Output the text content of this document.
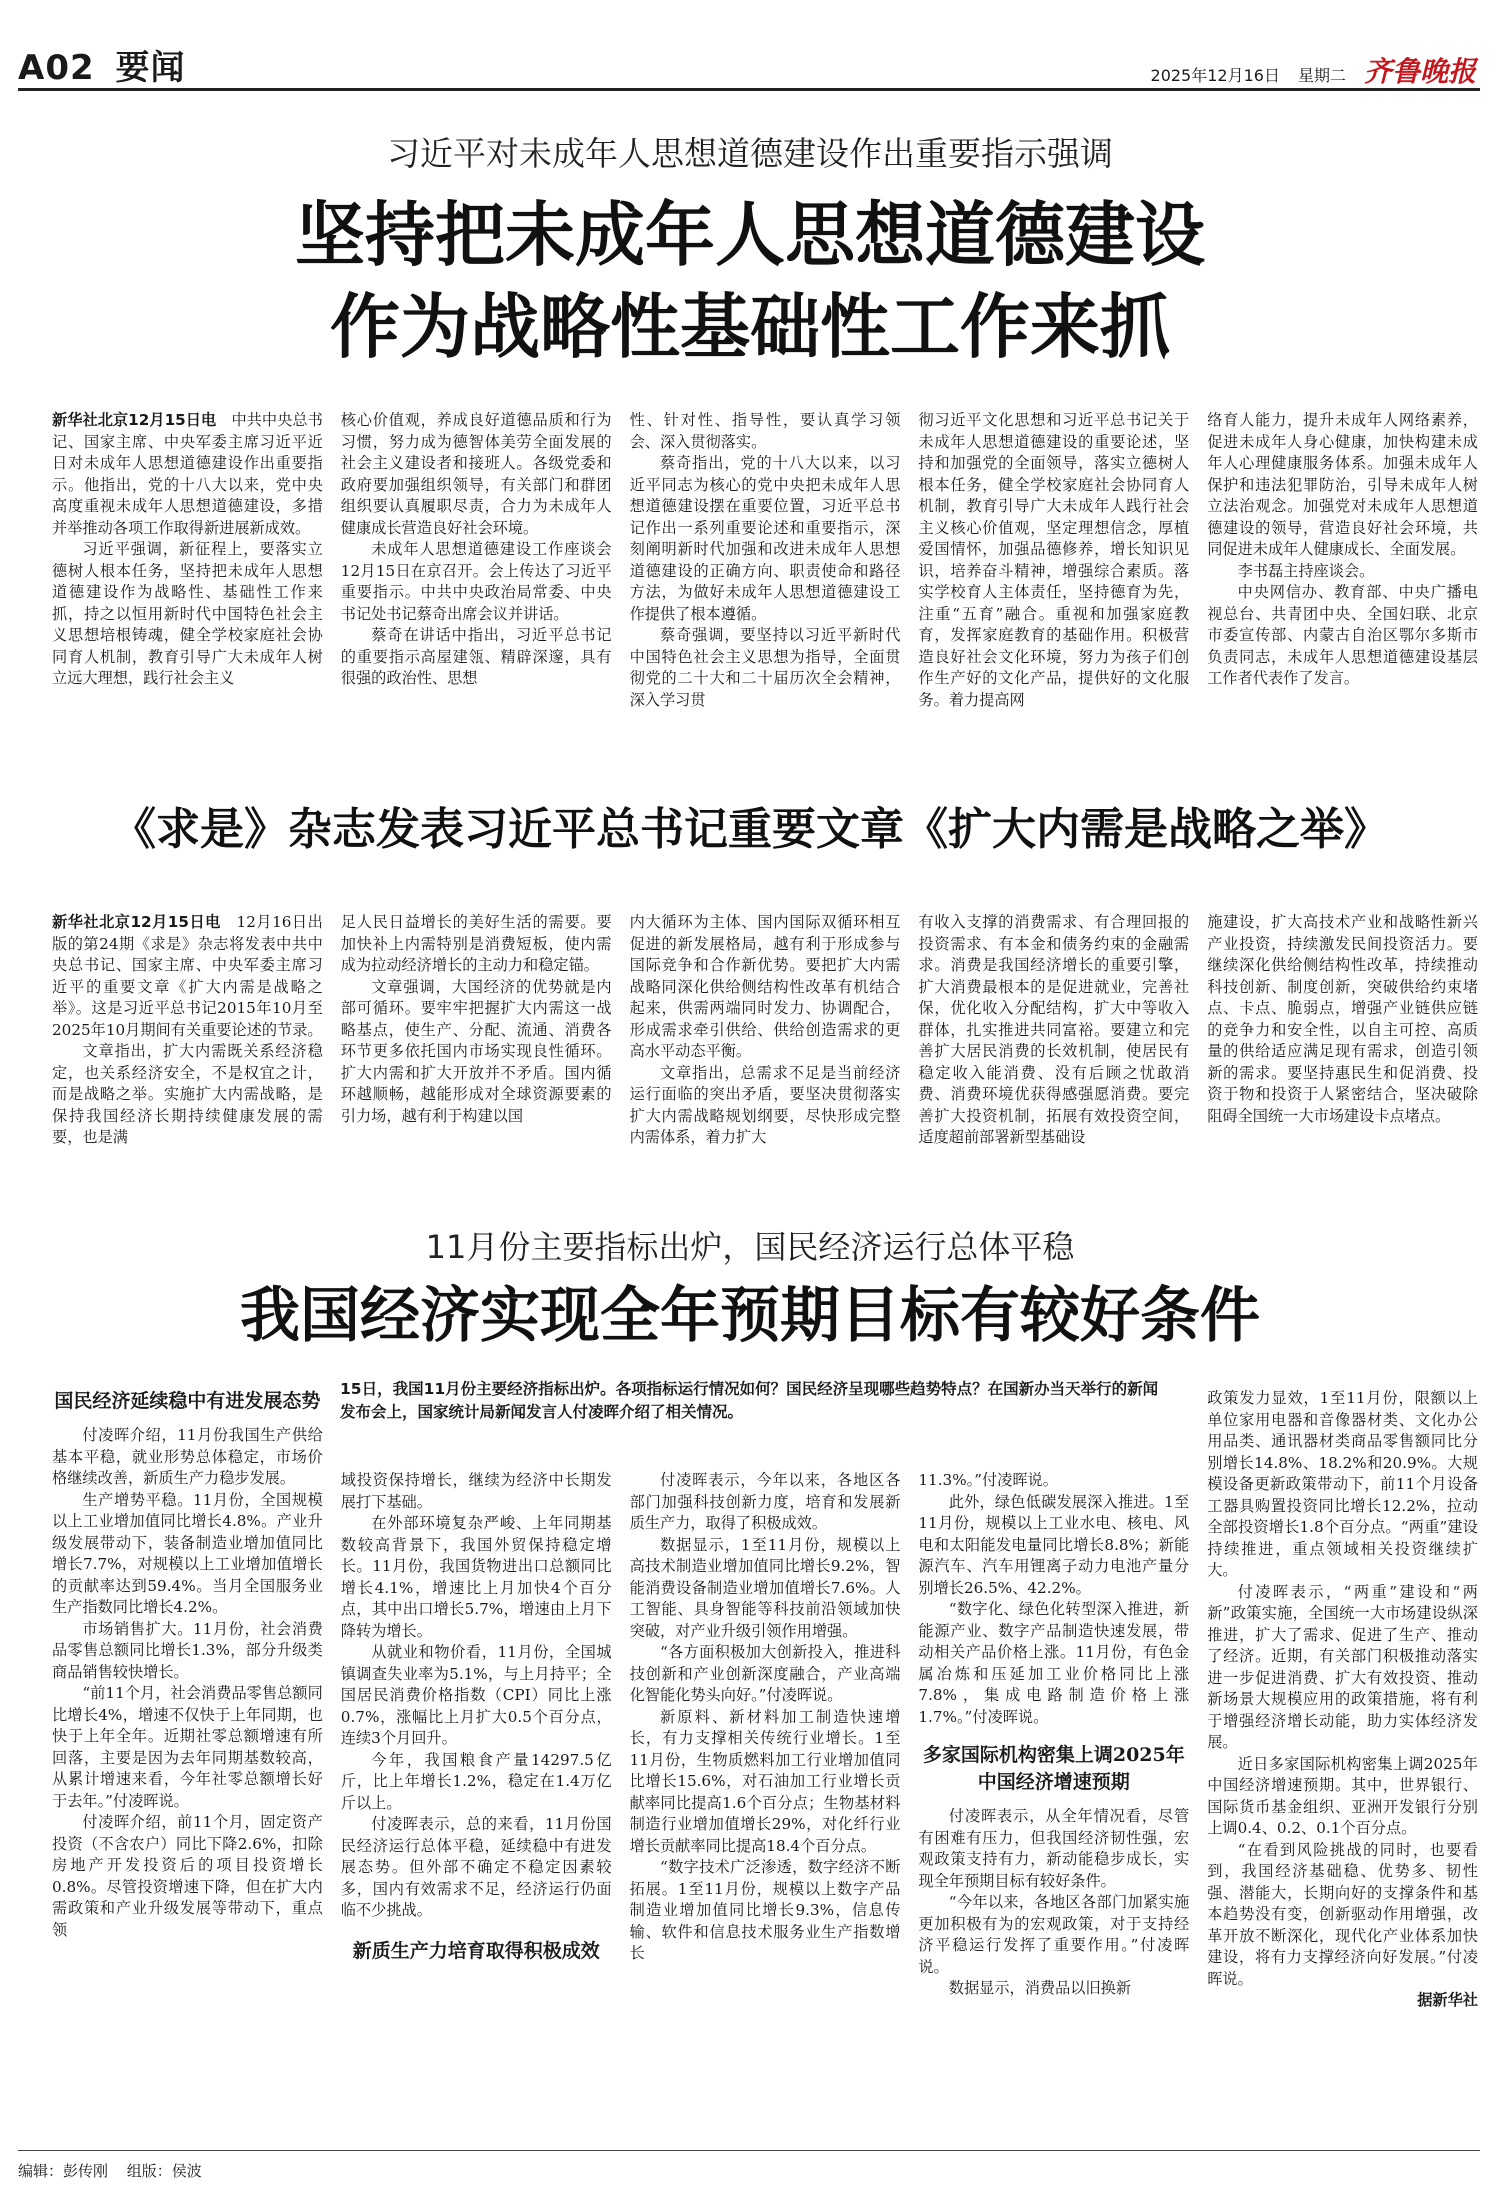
A02 要闻	2025年12月16日 星期二 齐鲁晚报
习近平对未成年人思想道德建设作出重要指示强调
坚持把未成年人思想道德建设
作为战略性基础性工作来抓

新华社北京12月15日电　 中共中央总书记、国家主席、中央军委主席习近平近日对未成年人思想道德建设作出重要指示。他指出，党的十八大以来，党中央高度重视未成年人思想道德建设，多措并举推动各项工作取得新进展新成效。

习近平强调，新征程上，要落实立德树人根本任务，坚持把未成年人思想道德建设作为战略性、基础性工作来抓，持之以恒用新时代中国特色社会主义思想培根铸魂，健全学校家庭社会协同育人机制，教育引导广大未成年人树立远大理想，践行社会主义

核心价值观，养成良好道德品质和行为习惯，努力成为德智体美劳全面发展的社会主义建设者和接班人。各级党委和政府要加强组织领导，有关部门和群团组织要认真履职尽责，合力为未成年人健康成长营造良好社会环境。

未成年人思想道德建设工作座谈会12月15日在京召开。会上传达了习近平重要指示。中共中央政治局常委、中央书记处书记蔡奇出席会议并讲话。

蔡奇在讲话中指出，习近平总书记的重要指示高屋建瓴、精辟深邃，具有很强的政治性、思想

性、针对性、指导性，要认真学习领会、深入贯彻落实。

蔡奇指出，党的十八大以来，以习近平同志为核心的党中央把未成年人思想道德建设摆在重要位置，习近平总书记作出一系列重要论述和重要指示，深刻阐明新时代加强和改进未成年人思想道德建设的正确方向、职责使命和路径方法，为做好未成年人思想道德建设工作提供了根本遵循。

蔡奇强调，要坚持以习近平新时代中国特色社会主义思想为指导，全面贯彻党的二十大和二十届历次全会精神，深入学习贯

彻习近平文化思想和习近平总书记关于未成年人思想道德建设的重要论述，坚持和加强党的全面领导，落实立德树人根本任务，健全学校家庭社会协同育人机制，教育引导广大未成年人践行社会主义核心价值观，坚定理想信念，厚植爱国情怀，加强品德修养，增长知识见识，培养奋斗精神，增强综合素质。落实学校育人主体责任，坚持德育为先，注重“五育”融合。重视和加强家庭教育，发挥家庭教育的基础作用。积极营造良好社会文化环境，努力为孩子们创作生产好的文化产品，提供好的文化服务。着力提高网

络育人能力，提升未成年人网络素养，促进未成年人身心健康，加快构建未成年人心理健康服务体系。加强未成年人保护和违法犯罪防治，引导未成年人树立法治观念。加强党对未成年人思想道德建设的领导，营造良好社会环境，共同促进未成年人健康成长、全面发展。

李书磊主持座谈会。

中央网信办、教育部、中央广播电视总台、共青团中央、全国妇联、北京市委宣传部、内蒙古自治区鄂尔多斯市负责同志，未成年人思想道德建设基层工作者代表作了发言。

《求是》杂志发表习近平总书记重要文章《扩大内需是战略之举》

新华社北京12月15日电　 12月16日出版的第24期《求是》杂志将发表中共中央总书记、国家主席、中央军委主席习近平的重要文章《扩大内需是战略之举》。这是习近平总书记2015年10月至2025年10月期间有关重要论述的节录。

文章指出，扩大内需既关系经济稳定，也关系经济安全，不是权宜之计，而是战略之举。实施扩大内需战略，是保持我国经济长期持续健康发展的需要，也是满

足人民日益增长的美好生活的需要。要加快补上内需特别是消费短板，使内需成为拉动经济增长的主动力和稳定锚。

文章强调，大国经济的优势就是内部可循环。要牢牢把握扩大内需这一战略基点，使生产、分配、流通、消费各环节更多依托国内市场实现良性循环。扩大内需和扩大开放并不矛盾。国内循环越顺畅，越能形成对全球资源要素的引力场，越有利于构建以国

内大循环为主体、国内国际双循环相互促进的新发展格局，越有利于形成参与国际竞争和合作新优势。要把扩大内需战略同深化供给侧结构性改革有机结合起来，供需两端同时发力、协调配合，形成需求牵引供给、供给创造需求的更高水平动态平衡。

文章指出，总需求不足是当前经济运行面临的突出矛盾，要坚决贯彻落实扩大内需战略规划纲要，尽快形成完整内需体系，着力扩大

有收入支撑的消费需求、有合理回报的投资需求、有本金和债务约束的金融需求。消费是我国经济增长的重要引擎，扩大消费最根本的是促进就业，完善社保，优化收入分配结构，扩大中等收入群体，扎实推进共同富裕。要建立和完善扩大居民消费的长效机制，使居民有稳定收入能消费、没有后顾之忧敢消费、消费环境优获得感强愿消费。要完善扩大投资机制，拓展有效投资空间，适度超前部署新型基础设

施建设，扩大高技术产业和战略性新兴产业投资，持续激发民间投资活力。要继续深化供给侧结构性改革，持续推动科技创新、制度创新，突破供给约束堵点、卡点、脆弱点，增强产业链供应链的竞争力和安全性，以自主可控、高质量的供给适应满足现有需求，创造引领新的需求。要坚持惠民生和促消费、投资于物和投资于人紧密结合，坚决破除阻碍全国统一大市场建设卡点堵点。

11月份主要指标出炉，国民经济运行总体平稳
我国经济实现全年预期目标有较好条件
15日，我国11月份主要经济指标出炉。各项指标运行情况如何？国民经济呈现哪些趋势特点？在国新办当天举行的新闻发布会上，国家统计局新闻发言人付凌晖介绍了相关情况。
国民经济延续稳中有进发展态势

付凌晖介绍，11月份我国生产供给基本平稳，就业形势总体稳定，市场价格继续改善，新质生产力稳步发展。

生产增势平稳。11月份，全国规模以上工业增加值同比增长4.8%。产业升级发展带动下，装备制造业增加值同比增长7.7%，对规模以上工业增加值增长的贡献率达到59.4%。当月全国服务业生产指数同比增长4.2%。

市场销售扩大。11月份，社会消费品零售总额同比增长1.3%，部分升级类商品销售较快增长。

“前11个月，社会消费品零售总额同比增长4%，增速不仅快于上年同期，也快于上年全年。近期社零总额增速有所回落，主要是因为去年同期基数较高，从累计增速来看，今年社零总额增长好于去年。”付凌晖说。

付凌晖介绍，前11个月，固定资产投资（不含农户）同比下降2.6%，扣除房地产开发投资后的项目投资增长0.8%。尽管投资增速下降，但在扩大内需政策和产业升级发展等带动下，重点领

域投资保持增长，继续为经济中长期发展打下基础。

在外部环境复杂严峻、上年同期基数较高背景下，我国外贸保持稳定增长。11月份，我国货物进出口总额同比增长4.1%，增速比上月加快4个百分点，其中出口增长5.7%，增速由上月下降转为增长。

从就业和物价看，11月份，全国城镇调查失业率为5.1%，与上月持平；全国居民消费价格指数（CPI）同比上涨0.7%，涨幅比上月扩大0.5个百分点，连续3个月回升。

今年，我国粮食产量14297.5亿斤，比上年增长1.2%，稳定在1.4万亿斤以上。

付凌晖表示，总的来看，11月份国民经济运行总体平稳，延续稳中有进发展态势。但外部不确定不稳定因素较多，国内有效需求不足，经济运行仍面临不少挑战。

新质生产力培育取得积极成效

付凌晖表示，今年以来，各地区各部门加强科技创新力度，培育和发展新质生产力，取得了积极成效。

数据显示，1至11月份，规模以上高技术制造业增加值同比增长9.2%，智能消费设备制造业增加值增长7.6%。人工智能、具身智能等科技前沿领域加快突破，对产业升级引领作用增强。

“各方面积极加大创新投入，推进科技创新和产业创新深度融合，产业高端化智能化势头向好。”付凌晖说。

新原料、新材料加工制造快速增长，有力支撑相关传统行业增长。1至11月份，生物质燃料加工行业增加值同比增长15.6%，对石油加工行业增长贡献率同比提高1.6个百分点；生物基材料制造行业增加值增长29%，对化纤行业增长贡献率同比提高18.4个百分点。

“数字技术广泛渗透，数字经济不断拓展。1至11月份，规模以上数字产品制造业增加值同比增长9.3%，信息传输、软件和信息技术服务业生产指数增长

11.3%。”付凌晖说。

此外，绿色低碳发展深入推进。1至11月份，规模以上工业水电、核电、风电和太阳能发电量同比增长8.8%；新能源汽车、汽车用锂离子动力电池产量分别增长26.5%、42.2%。

“数字化、绿色化转型深入推进，新能源产业、数字产品制造快速发展，带动相关产品价格上涨。11月份，有色金属冶炼和压延加工业价格同比上涨7.8%，集成电路制造价格上涨1.7%。”付凌晖说。

多家国际机构密集上调2025年中国经济增速预期

付凌晖表示，从全年情况看，尽管有困难有压力，但我国经济韧性强，宏观政策支持有力，新动能稳步成长，实现全年预期目标有较好条件。

“今年以来，各地区各部门加紧实施更加积极有为的宏观政策，对于支持经济平稳运行发挥了重要作用。”付凌晖说。

数据显示，消费品以旧换新

政策发力显效，1至11月份，限额以上单位家用电器和音像器材类、文化办公用品类、通讯器材类商品零售额同比分别增长14.8%、18.2%和20.9%。大规模设备更新政策带动下，前11个月设备工器具购置投资同比增长12.2%，拉动全部投资增长1.8个百分点。“两重”建设持续推进，重点领域相关投资继续扩大。

付凌晖表示，“两重”建设和“两新”政策实施，全国统一大市场建设纵深推进，扩大了需求、促进了生产、推动了经济。近期，有关部门积极推动落实进一步促进消费、扩大有效投资、推动新场景大规模应用的政策措施，将有利于增强经济增长动能，助力实体经济发展。

近日多家国际机构密集上调2025年中国经济增速预期。其中，世界银行、国际货币基金组织、亚洲开发银行分别上调0.4、0.2、0.1个百分点。

“在看到风险挑战的同时，也要看到，我国经济基础稳、优势多、韧性强、潜能大，长期向好的支撑条件和基本趋势没有变，创新驱动作用增强，改革开放不断深化，现代化产业体系加快建设，将有力支撑经济向好发展。”付凌晖说。

据新华社
编辑：彭传刚 组版：侯波
